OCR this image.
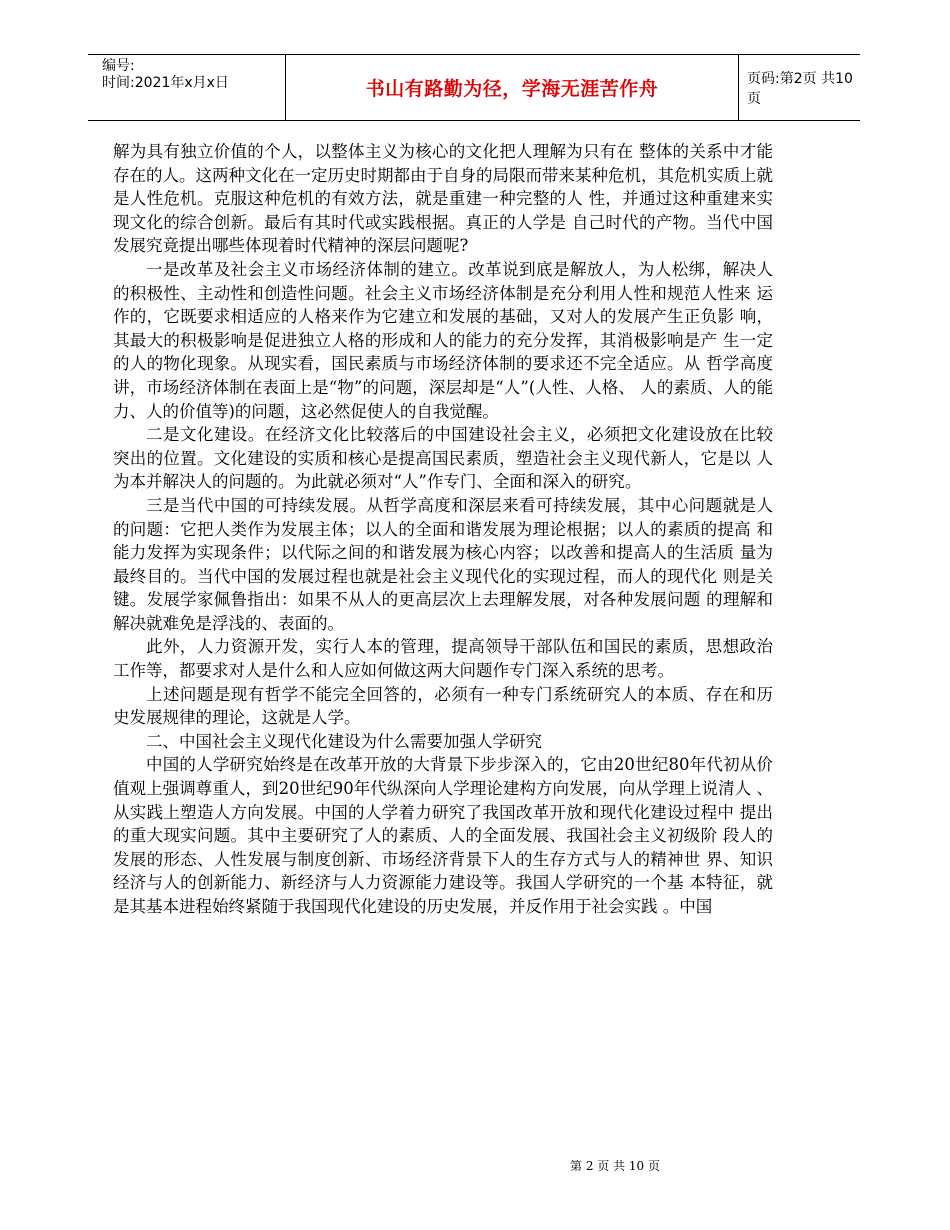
编号:
时间:2021年x月x日	书山有路勤为径，学海无涯苦作舟	页码:第2页 共10页

解为具有独立价值的个人，以整体主义为核心的文化把人理解为只有在 整体的关系中才能存在的人。这两种文化在一定历史时期都由于自身的局限而带来某种危机，其危机实质上就是人性危机。克服这种危机的有效方法，就是重建一种完整的人 性，并通过这种重建来实现文化的综合创新。最后有其时代或实践根据。真正的人学是 自己时代的产物。当代中国发展究竟提出哪些体现着时代精神的深层问题呢?

一是改革及社会主义市场经济体制的建立。改革说到底是解放人，为人松绑，解决人 的积极性、主动性和创造性问题。社会主义市场经济体制是充分利用人性和规范人性来 运作的，它既要求相适应的人格来作为它建立和发展的基础，又对人的发展产生正负影 响，其最大的积极影响是促进独立人格的形成和人的能力的充分发挥，其消极影响是产 生一定的人的物化现象。从现实看，国民素质与市场经济体制的要求还不完全适应。从 哲学高度讲，市场经济体制在表面上是“物”的问题，深层却是“人”(人性、人格、 人的素质、人的能力、人的价值等)的问题，这必然促使人的自我觉醒。

二是文化建设。在经济文化比较落后的中国建设社会主义，必须把文化建设放在比较 突出的位置。文化建设的实质和核心是提高国民素质，塑造社会主义现代新人，它是以 人为本并解决人的问题的。为此就必须对“人”作专门、全面和深入的研究。

三是当代中国的可持续发展。从哲学高度和深层来看可持续发展，其中心问题就是人 的问题：它把人类作为发展主体；以人的全面和谐发展为理论根据；以人的素质的提高 和能力发挥为实现条件；以代际之间的和谐发展为核心内容；以改善和提高人的生活质 量为最终目的。当代中国的发展过程也就是社会主义现代化的实现过程，而人的现代化 则是关键。发展学家佩鲁指出：如果不从人的更高层次上去理解发展，对各种发展问题 的理解和解决就难免是浮浅的、表面的。

此外，人力资源开发，实行人本的管理，提高领导干部队伍和国民的素质，思想政治 工作等，都要求对人是什么和人应如何做这两大问题作专门深入系统的思考。

上述问题是现有哲学不能完全回答的，必须有一种专门系统研究人的本质、存在和历 史发展规律的理论，这就是人学。

二、中国社会主义现代化建设为什么需要加强人学研究

中国的人学研究始终是在改革开放的大背景下步步深入的，它由20世纪80年代初从价 值观上强调尊重人，到20世纪90年代纵深向人学理论建构方向发展，向从学理上说清人 、从实践上塑造人方向发展。中国的人学着力研究了我国改革开放和现代化建设过程中 提出的重大现实问题。其中主要研究了人的素质、人的全面发展、我国社会主义初级阶 段人的发展的形态、人性发展与制度创新、市场经济背景下人的生存方式与人的精神世 界、知识经济与人的创新能力、新经济与人力资源能力建设等。我国人学研究的一个基 本特征，就是其基本进程始终紧随于我国现代化建设的历史发展，并反作用于社会实践 。中国

第 2 页 共 10 页
